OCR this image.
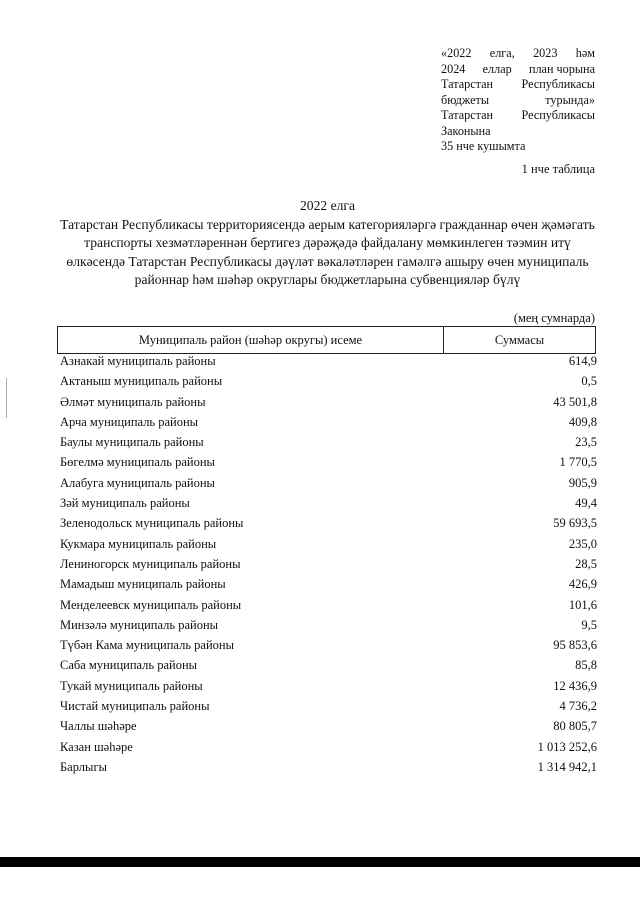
«2022 елга, 2023 һәм
2024 еллар план чорына
Татарстан Республикасы
бюджеты	турында»
Татарстан Республикасы
Законына
35 нче кушымта
1 нче таблица
2022 елга
Татарстан Республикасы территориясендә аерым категорияләргә гражданнар өчен җәмәгать транспорты хезмәтләреннән бертигез дәрәҗәдә файдалану мөмкинлеген тәэмин итү өлкәсендә Татарстан Республикасы дәүләт вәкаләтләрен гамәлгә ашыру өчен муниципаль районнар һәм шәһәр округлары бюджетларына субвенцияләр бүлү
(мең сумнарда)
Муниципаль район (шәһәр округы) исеме	Суммасы
Азнакай муниципаль районы	614,9
Актаныш муниципаль районы	0,5
Әлмәт муниципаль районы	43 501,8
Арча муниципаль районы	409,8
Баулы муниципаль районы	23,5
Бөгелмә муниципаль районы	1 770,5
Алабуга муниципаль районы	905,9
Зәй муниципаль районы	49,4
Зеленодольск муниципаль районы	59 693,5
Кукмара муниципаль районы	235,0
Лениногорск муниципаль районы	28,5
Мамадыш муниципаль районы	426,9
Менделеевск муниципаль районы	101,6
Минзәлә муниципаль районы	9,5
Түбән Кама муниципаль районы	95 853,6
Саба муниципаль районы	85,8
Тукай муниципаль районы	12 436,9
Чистай муниципаль районы	4 736,2
Чаллы шәһәре	80 805,7
Казан шәһәре	1 013 252,6
Барлыгы	1 314 942,1
